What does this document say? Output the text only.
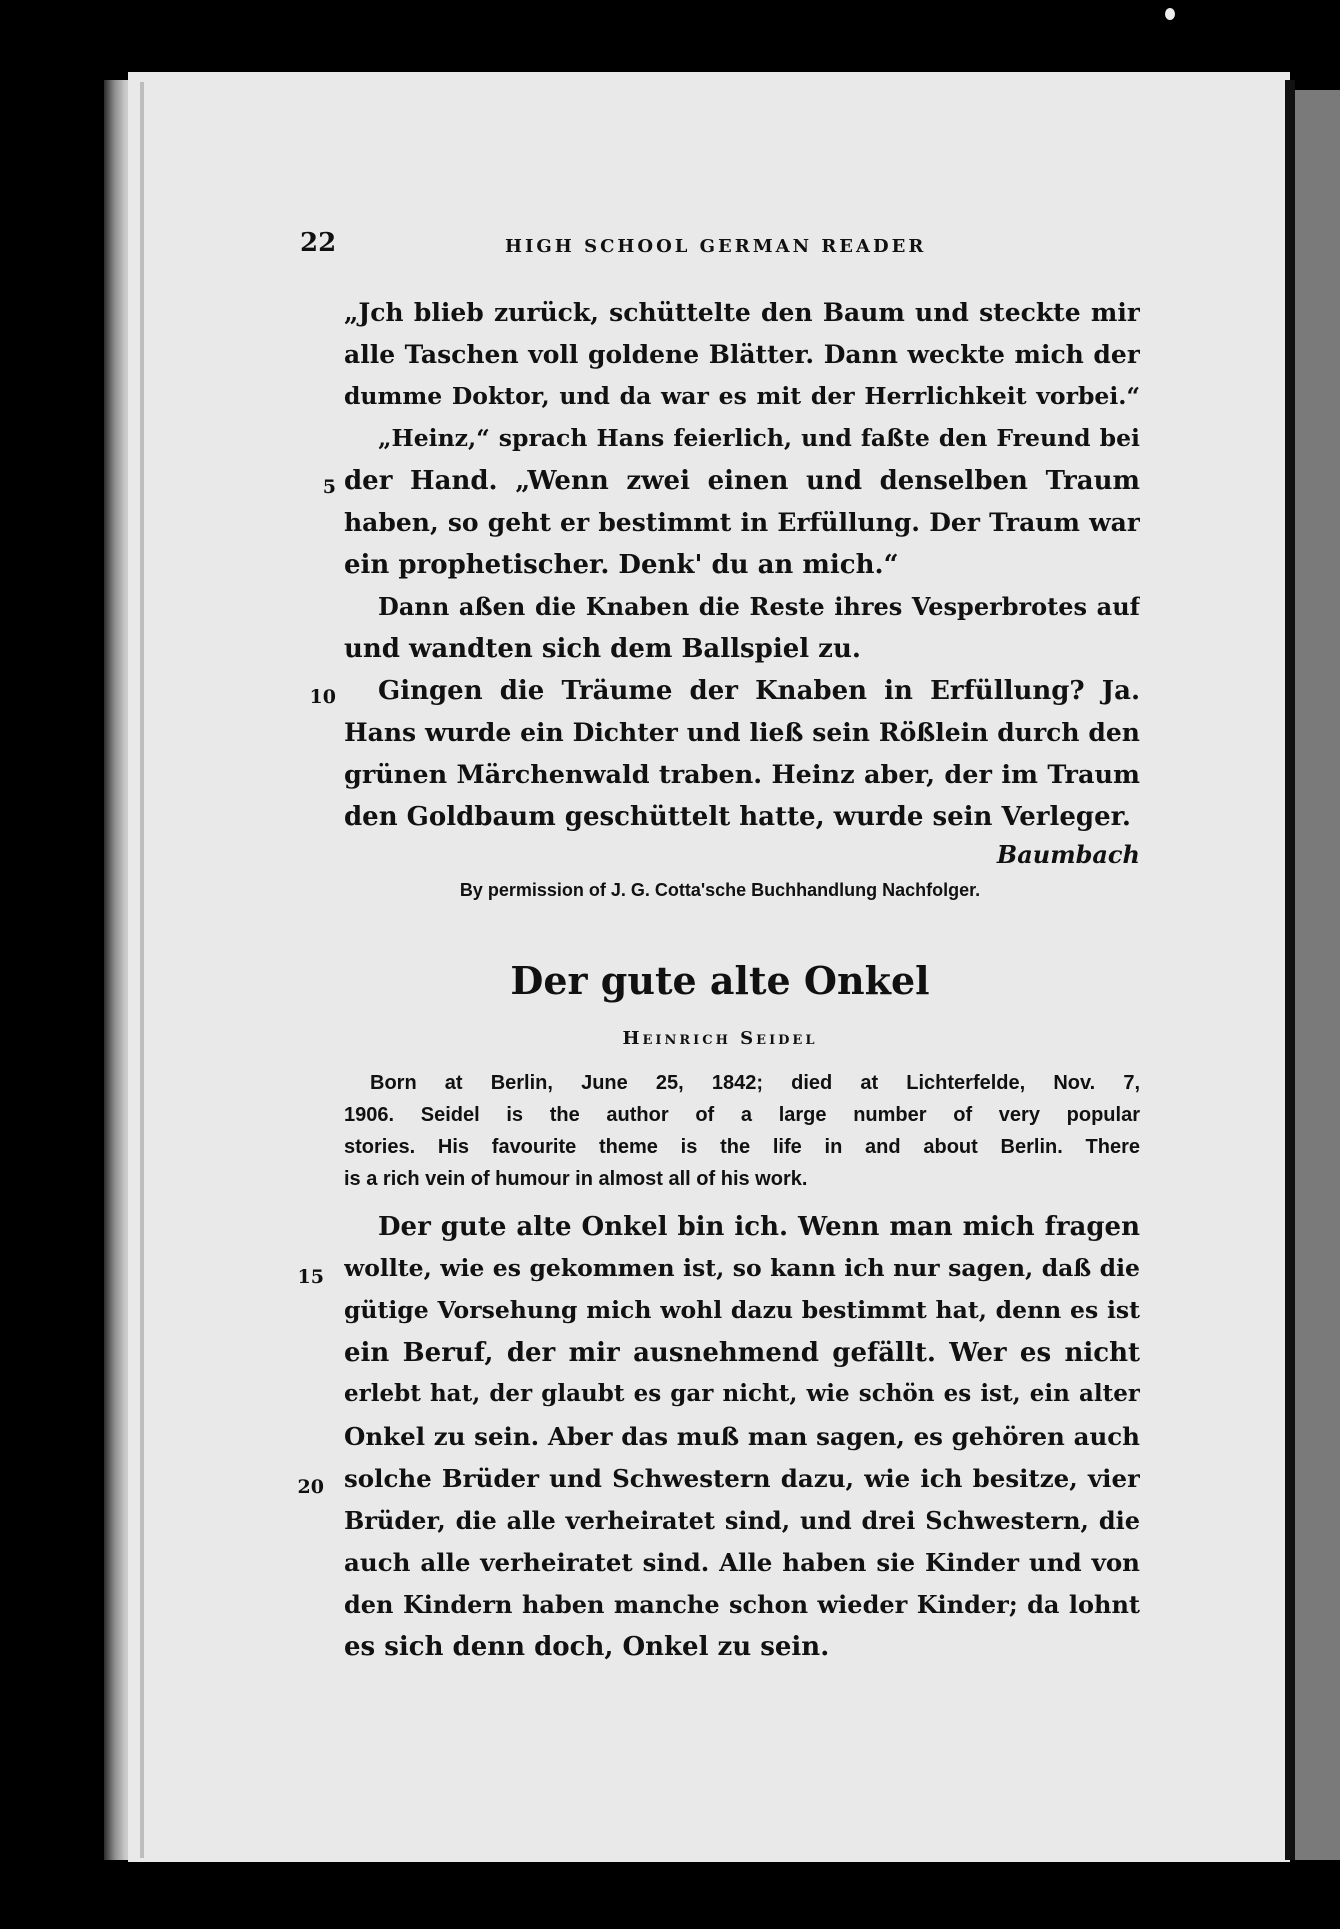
22	HIGH SCHOOL GERMAN READER
„Jch blieb zurück, schüttelte den Baum und steckte mir
alle Taschen voll goldene Blätter. Dann weckte mich der
dumme Doktor, und da war es mit der Herrlichkeit vorbei.“
„Heinz,“ sprach Hans feierlich, und faßte den Freund bei
der Hand. „Wenn zwei einen und denselben Traum
haben, so geht er bestimmt in Erfüllung. Der Traum war
ein prophetischer. Denk' du an mich.“
Dann aßen die Knaben die Reste ihres Vesperbrotes auf
und wandten sich dem Ballspiel zu.
Gingen die Träume der Knaben in Erfüllung? Ja.
Hans wurde ein Dichter und ließ sein Rößlein durch den
grünen Märchenwald traben. Heinz aber, der im Traum
den Goldbaum geschüttelt hatte, wurde sein Verleger.
5
10
Baumbach
By permission of J. G. Cotta'sche Buchhandlung Nachfolger.
Der gute alte Onkel
Heinrich Seidel
Born at Berlin, June 25, 1842; died at Lichterfelde, Nov. 7,
1906. Seidel is the author of a large number of very popular
stories. His favourite theme is the life in and about Berlin. There
is a rich vein of humour in almost all of his work.
Der gute alte Onkel bin ich. Wenn man mich fragen
wollte, wie es gekommen ist, so kann ich nur sagen, daß die
gütige Vorsehung mich wohl dazu bestimmt hat, denn es ist
ein Beruf, der mir ausnehmend gefällt. Wer es nicht
erlebt hat, der glaubt es gar nicht, wie schön es ist, ein alter
Onkel zu sein. Aber das muß man sagen, es gehören auch
solche Brüder und Schwestern dazu, wie ich besitze, vier
Brüder, die alle verheiratet sind, und drei Schwestern, die
auch alle verheiratet sind. Alle haben sie Kinder und von
den Kindern haben manche schon wieder Kinder; da lohnt
es sich denn doch, Onkel zu sein.
15
20
